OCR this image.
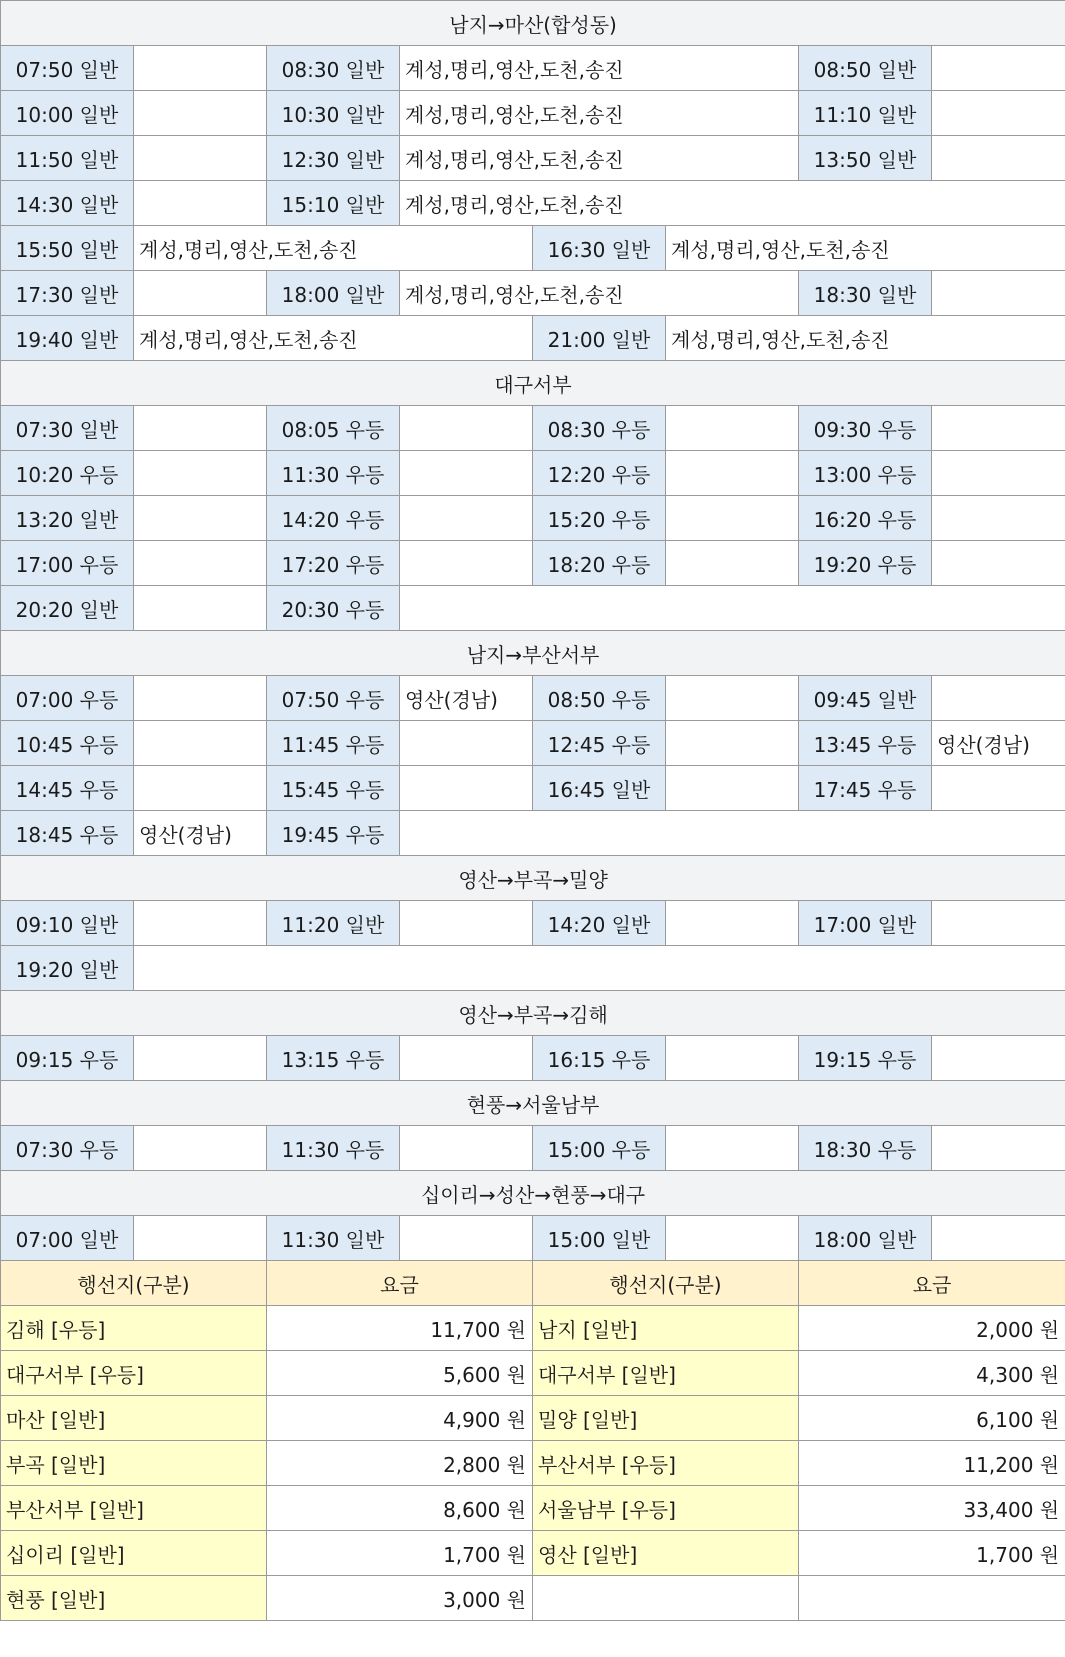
남지→마산(합성동)							
07:50 일반		08:30 일반	계성,명리,영산,도천,송진			08:50 일반	
10:00 일반		10:30 일반	계성,명리,영산,도천,송진			11:10 일반	
11:50 일반		12:30 일반	계성,명리,영산,도천,송진			13:50 일반	
14:30 일반		15:10 일반	계성,명리,영산,도천,송진				
15:50 일반	계성,명리,영산,도천,송진			16:30 일반	계성,명리,영산,도천,송진		
17:30 일반		18:00 일반	계성,명리,영산,도천,송진			18:30 일반	
19:40 일반	계성,명리,영산,도천,송진			21:00 일반	계성,명리,영산,도천,송진		
대구서부							
07:30 일반		08:05 우등		08:30 우등		09:30 우등	
10:20 우등		11:30 우등		12:20 우등		13:00 우등	
13:20 일반		14:20 우등		15:20 우등		16:20 우등	
17:00 우등		17:20 우등		18:20 우등		19:20 우등	
20:20 일반		20:30 우등					
남지→부산서부							
07:00 우등		07:50 우등	영산(경남)	08:50 우등		09:45 일반	
10:45 우등		11:45 우등		12:45 우등		13:45 우등	영산(경남)
14:45 우등		15:45 우등		16:45 일반		17:45 우등	
18:45 우등	영산(경남)	19:45 우등					
영산→부곡→밀양							
09:10 일반		11:20 일반		14:20 일반		17:00 일반	
19:20 일반							
영산→부곡→김해							
09:15 우등		13:15 우등		16:15 우등		19:15 우등	
현풍→서울남부							
07:30 우등		11:30 우등		15:00 우등		18:30 우등	
십이리→성산→현풍→대구							
07:00 일반		11:30 일반		15:00 일반		18:00 일반	
행선지(구분)		요금		행선지(구분)		요금	
김해 [우등]		11,700 원		남지 [일반]		2,000 원	
대구서부 [우등]		5,600 원		대구서부 [일반]		4,300 원	
마산 [일반]		4,900 원		밀양 [일반]		6,100 원	
부곡 [일반]		2,800 원		부산서부 [우등]		11,200 원	
부산서부 [일반]		8,600 원		서울남부 [우등]		33,400 원	
십이리 [일반]		1,700 원		영산 [일반]		1,700 원	
현풍 [일반]		3,000 원					
